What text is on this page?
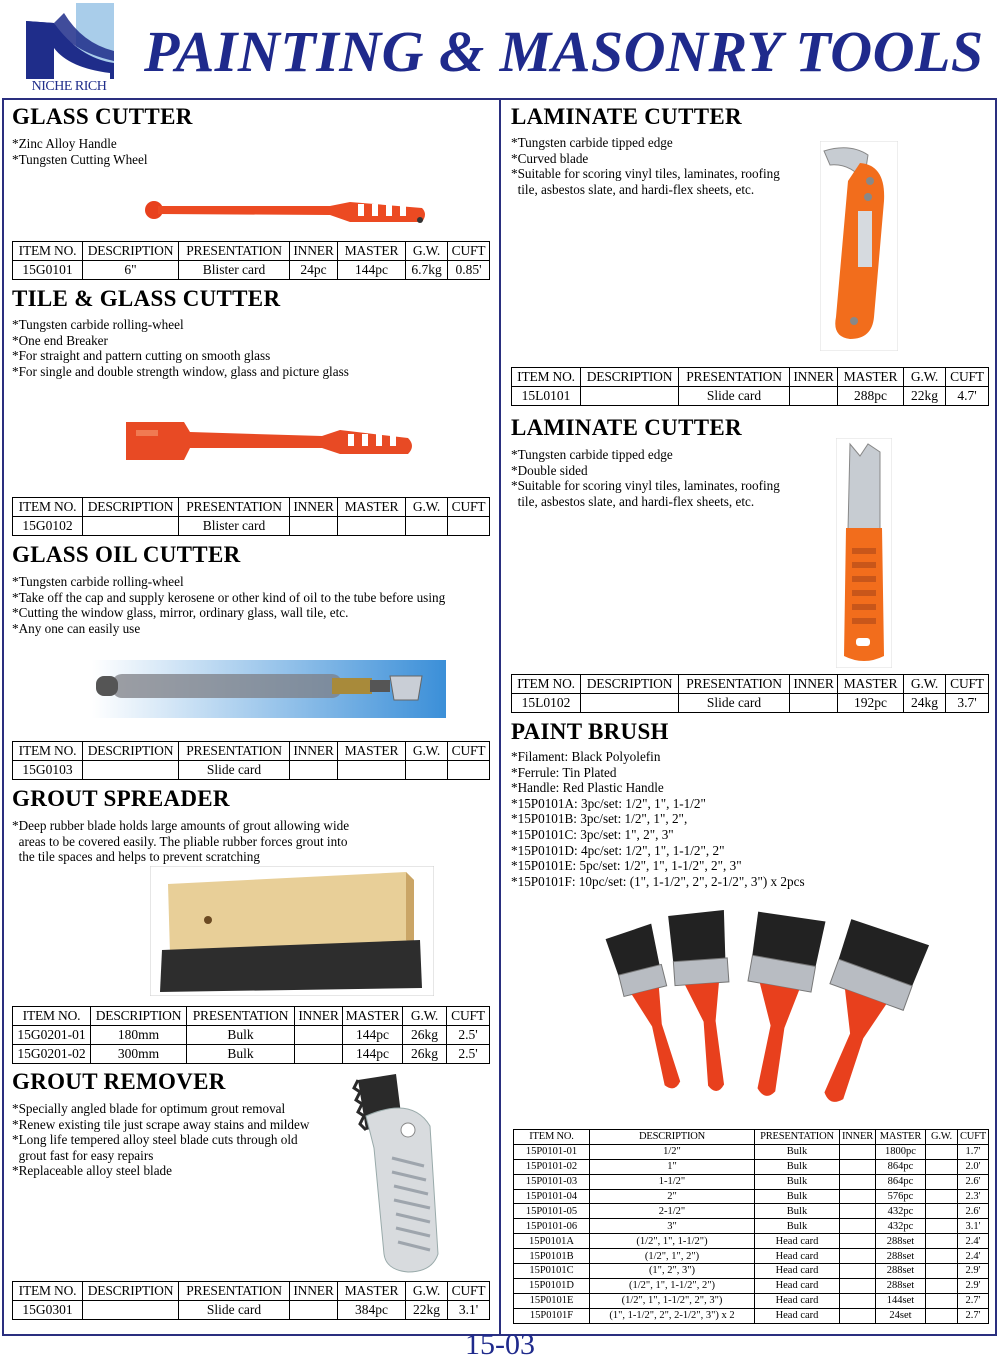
NICHE RICH
PAINTING & MASONRY TOOLS
GLASS CUTTER
*Zinc Alloy Handle
*Tungsten Cutting Wheel
ITEM NO.	DESCRIPTION	PRESENTATION	INNER	MASTER	G.W.	CUFT
15G0101	6"	Blister card	24pc	144pc	6.7kg	0.85'
TILE & GLASS CUTTER
*Tungsten carbide rolling-wheel
*One end Breaker
*For straight and pattern cutting on smooth glass
*For single and double strength window, glass and picture glass
ITEM NO.	DESCRIPTION	PRESENTATION	INNER	MASTER	G.W.	CUFT
15G0102		Blister card				
GLASS OIL CUTTER
*Tungsten carbide rolling-wheel
*Take off the cap and supply kerosene or other kind of oil to the tube before using
*Cutting the window glass, mirror, ordinary glass, wall tile, etc.
*Any one can easily use
ITEM NO.	DESCRIPTION	PRESENTATION	INNER	MASTER	G.W.	CUFT
15G0103		Slide card				
GROUT SPREADER
*Deep rubber blade holds large amounts of grout allowing wide
areas to be covered easily. The pliable rubber forces grout into
the tile spaces and helps to prevent scratching
ITEM NO.	DESCRIPTION	PRESENTATION	INNER	MASTER	G.W.	CUFT
15G0201-01	180mm	Bulk		144pc	26kg	2.5'
15G0201-02	300mm	Bulk		144pc	26kg	2.5'
GROUT REMOVER
*Specially angled blade for optimum grout removal
*Renew existing tile just scrape away stains and mildew
*Long life tempered alloy steel blade cuts through old
grout fast for easy repairs
*Replaceable alloy steel blade
ITEM NO.	DESCRIPTION	PRESENTATION	INNER	MASTER	G.W.	CUFT
15G0301		Slide card		384pc	22kg	3.1'
LAMINATE CUTTER
*Tungsten carbide tipped edge
*Curved blade
*Suitable for scoring vinyl tiles, laminates, roofing
tile, asbestos slate, and hardi-flex sheets, etc.
ITEM NO.	DESCRIPTION	PRESENTATION	INNER	MASTER	G.W.	CUFT
15L0101		Slide card		288pc	22kg	4.7'
LAMINATE CUTTER
*Tungsten carbide tipped edge
*Double sided
*Suitable for scoring vinyl tiles, laminates, roofing
tile, asbestos slate, and hardi-flex sheets, etc.
ITEM NO.	DESCRIPTION	PRESENTATION	INNER	MASTER	G.W.	CUFT
15L0102		Slide card		192pc	24kg	3.7'
PAINT BRUSH
*Filament: Black Polyolefin
*Ferrule: Tin Plated
*Handle: Red Plastic Handle
*15P0101A: 3pc/set: 1/2", 1", 1-1/2"
*15P0101B: 3pc/set: 1/2", 1", 2",
*15P0101C: 3pc/set: 1", 2", 3"
*15P0101D: 4pc/set: 1/2", 1", 1-1/2", 2"
*15P0101E: 5pc/set: 1/2", 1", 1-1/2", 2", 3"
*15P0101F: 10pc/set: (1", 1-1/2", 2", 2-1/2", 3") x 2pcs
ITEM NO.	DESCRIPTION	PRESENTATION	INNER	MASTER	G.W.	CUFT
15P0101-01	1/2"	Bulk		1800pc		1.7'
15P0101-02	1"	Bulk		864pc		2.0'
15P0101-03	1-1/2"	Bulk		864pc		2.6'
15P0101-04	2"	Bulk		576pc		2.3'
15P0101-05	2-1/2"	Bulk		432pc		2.6'
15P0101-06	3"	Bulk		432pc		3.1'
15P0101A	(1/2", 1", 1-1/2")	Head card		288set		2.4'
15P0101B	(1/2", 1", 2")	Head card		288set		2.4'
15P0101C	(1", 2", 3")	Head card		288set		2.9'
15P0101D	(1/2", 1", 1-1/2", 2")	Head card		288set		2.9'
15P0101E	(1/2", 1", 1-1/2", 2", 3")	Head card		144set		2.7'
15P0101F	(1", 1-1/2", 2", 2-1/2", 3") x 2	Head card		24set		2.7'
15-03
